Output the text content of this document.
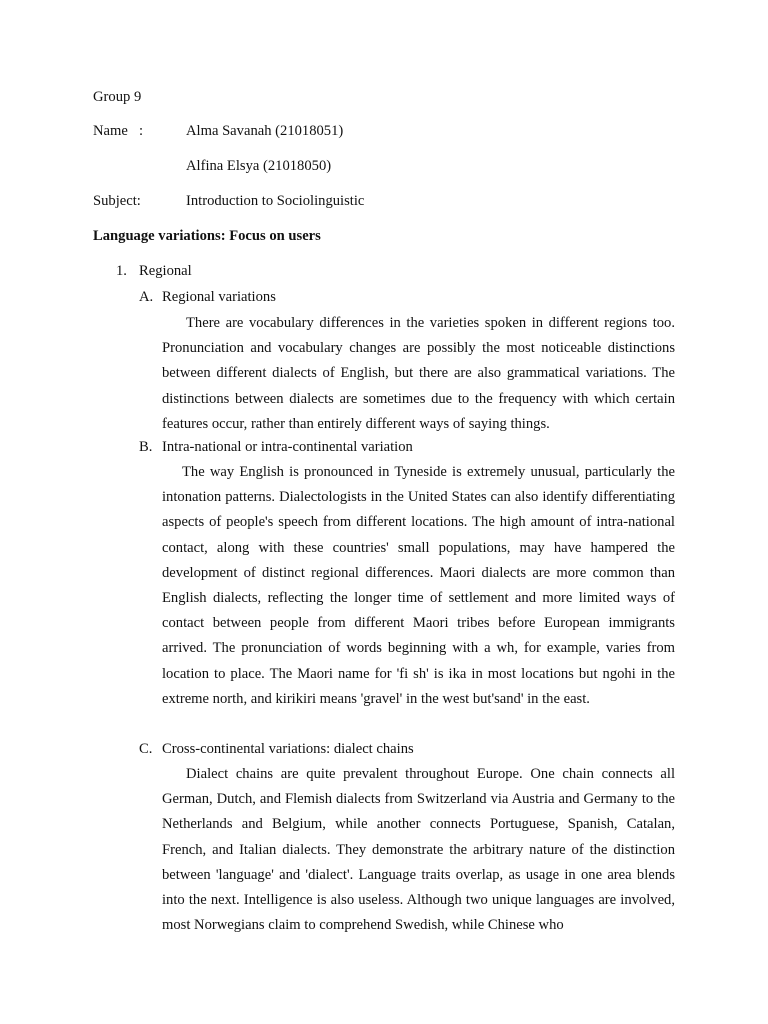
Group 9
Name :	Alma Savanah (21018051)
Alfina Elsya (21018050)
Subject:	Introduction to Sociolinguistic
Language variations: Focus on users
1. Regional
A. Regional variations

There are vocabulary differences in the varieties spoken in different regions too. Pronunciation and vocabulary changes are possibly the most noticeable distinctions between different dialects of English, but there are also grammatical variations. The distinctions between dialects are sometimes due to the frequency with which certain features occur, rather than entirely different ways of saying things.

B. Intra-national or intra-continental variation

The way English is pronounced in Tyneside is extremely unusual, particularly the intonation patterns. Dialectologists in the United States can also identify differentiating aspects of people's speech from different locations. The high amount of intra-national contact, along with these countries' small populations, may have hampered the development of distinct regional differences. Maori dialects are more common than English dialects, reflecting the longer time of settlement and more limited ways of contact between people from different Maori tribes before European immigrants arrived. The pronunciation of words beginning with a wh, for example, varies from location to place. The Maori name for 'fi sh' is ika in most locations but ngohi in the extreme north, and kirikiri means 'gravel' in the west but'sand' in the east.

C. Cross-continental variations: dialect chains

Dialect chains are quite prevalent throughout Europe. One chain connects all German, Dutch, and Flemish dialects from Switzerland via Austria and Germany to the Netherlands and Belgium, while another connects Portuguese, Spanish, Catalan, French, and Italian dialects. They demonstrate the arbitrary nature of the distinction between 'language' and 'dialect'. Language traits overlap, as usage in one area blends into the next. Intelligence is also useless. Although two unique languages are involved, most Norwegians claim to comprehend Swedish, while Chinese who
